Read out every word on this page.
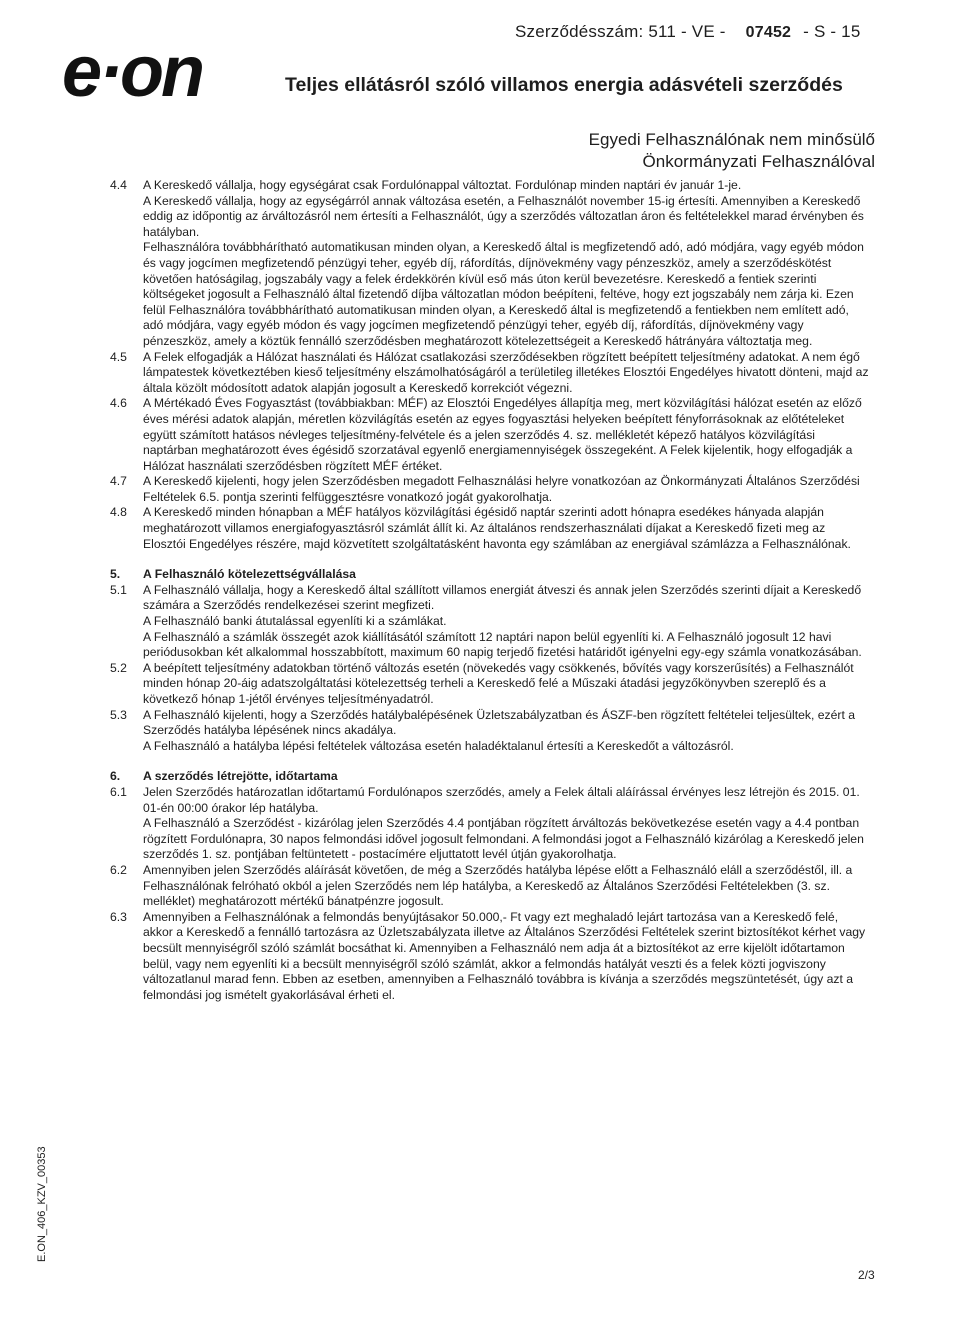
e·on
Szerződésszám: 511 - VE - 07452 - S - 15
Teljes ellátásról szóló villamos energia adásvételi szerződés
Egyedi Felhasználónak nem minősülő
Önkormányzati Felhasználóval
4.4	A Kereskedő vállalja, hogy egységárat csak Fordulónappal változtat. Fordulónap minden naptári év január 1-je.

A Kereskedő vállalja, hogy az egységárról annak változása esetén, a Felhasználót november 15-ig értesíti. Amennyiben a Kereskedő eddig az időpontig az árváltozásról nem értesíti a Felhasználót, úgy a szerződés változatlan áron és feltételekkel marad érvényben és hatályban.

Felhasználóra továbbhárítható automatikusan minden olyan, a Kereskedő által is megfizetendő adó, adó módjára, vagy egyéb módon és vagy jogcímen megfizetendő pénzügyi teher, egyéb díj, ráfordítás, díjnövekmény vagy pénzeszköz, amely a szerződéskötést követően hatóságilag, jogszabály vagy a felek érdekkörén kívül eső más úton kerül bevezetésre. Kereskedő a fentiek szerinti költségeket jogosult a Felhasználó által fizetendő díjba változatlan módon beépíteni, feltéve, hogy ezt jogszabály nem zárja ki. Ezen felül Felhasználóra továbbhárítható automatikusan minden olyan, a Kereskedő által is megfizetendő a fentiekben nem említett adó, adó módjára, vagy egyéb módon és vagy jogcímen megfizetendő pénzügyi teher, egyéb díj, ráfordítás, díjnövekmény vagy pénzeszköz, amely a köztük fennálló szerződésben meghatározott kötelezettségeit a Kereskedő hátrányára változtatja meg.

4.5	A Felek elfogadják a Hálózat használati és Hálózat csatlakozási szerződésekben rögzített beépített teljesítmény adatokat. A nem égő lámpatestek következtében kieső teljesítmény elszámolhatóságáról a területileg illetékes Elosztói Engedélyes hivatott dönteni, majd az általa közölt módosított adatok alapján jogosult a Kereskedő korrekciót végezni.

4.6	A Mértékadó Éves Fogyasztást (továbbiakban: MÉF) az Elosztói Engedélyes állapítja meg, mert közvilágítási hálózat esetén az előző éves mérési adatok alapján, méretlen közvilágítás esetén az egyes fogyasztási helyeken beépített fényforrásoknak az előtételeket együtt számított hatásos névleges teljesítmény-felvétele és a jelen szerződés 4. sz. mellékletét képező hatályos közvilágítási naptárban meghatározott éves égésidő szorzatával egyenlő energiamennyiségek összegeként. A Felek kijelentik, hogy elfogadják a Hálózat használati szerződésben rögzített MÉF értéket.

4.7	A Kereskedő kijelenti, hogy jelen Szerződésben megadott Felhasználási helyre vonatkozóan az Önkormányzati Általános Szerződési Feltételek 6.5. pontja szerinti felfüggesztésre vonatkozó jogát gyakorolhatja.

4.8	A Kereskedő minden hónapban a MÉF hatályos közvilágítási égésidő naptár szerinti adott hónapra esedékes hányada alapján meghatározott villamos energiafogyasztásról számlát állít ki. Az általános rendszerhasználati díjakat a Kereskedő fizeti meg az Elosztói Engedélyes részére, majd közvetített szolgáltatásként havonta egy számlában az energiával számlázza a Felhasználónak.

5.	A Felhasználó kötelezettségvállalása

5.1	A Felhasználó vállalja, hogy a Kereskedő által szállított villamos energiát átveszi és annak jelen Szerződés szerinti díjait a Kereskedő számára a Szerződés rendelkezései szerint megfizeti.

A Felhasználó banki átutalással egyenlíti ki a számlákat.

A Felhasználó a számlák összegét azok kiállításától számított 12 naptári napon belül egyenlíti ki. A Felhasználó jogosult 12 havi periódusokban két alkalommal hosszabbított, maximum 60 napig terjedő fizetési határidőt igényelni egy-egy számla vonatkozásában.

5.2	A beépített teljesítmény adatokban történő változás esetén (növekedés vagy csökkenés, bővítés vagy korszerűsítés) a Felhasználót minden hónap 20-áig adatszolgáltatási kötelezettség terheli a Kereskedő felé a Műszaki átadási jegyzőkönyvben szereplő és a következő hónap 1-jétől érvényes teljesítményadatról.

5.3	A Felhasználó kijelenti, hogy a Szerződés hatálybalépésének Üzletszabályzatban és ÁSZF-ben rögzített feltételei teljesültek, ezért a Szerződés hatályba lépésének nincs akadálya.

A Felhasználó a hatályba lépési feltételek változása esetén haladéktalanul értesíti a Kereskedőt a változásról.

6.	A szerződés létrejötte, időtartama

6.1	Jelen Szerződés határozatlan időtartamú Fordulónapos szerződés, amely a Felek általi aláírással érvényes lesz létrejön és 2015. 01. 01-én 00:00 órakor lép hatályba.

A Felhasználó a Szerződést - kizárólag jelen Szerződés 4.4 pontjában rögzített árváltozás bekövetkezése esetén vagy a 4.4 pontban rögzített Fordulónapra, 30 napos felmondási idővel jogosult felmondani. A felmondási jogot a Felhasználó kizárólag a Kereskedő jelen szerződés 1. sz. pontjában feltüntetett - postacímére eljuttatott levél útján gyakorolhatja.

6.2	Amennyiben jelen Szerződés aláírását követően, de még a Szerződés hatályba lépése előtt a Felhasználó eláll a szerződéstől, ill. a Felhasználónak felróható okból a jelen Szerződés nem lép hatályba, a Kereskedő az Általános Szerződési Feltételekben (3. sz. melléklet) meghatározott mértékű bánatpénzre jogosult.

6.3	Amennyiben a Felhasználónak a felmondás benyújtásakor 50.000,- Ft vagy ezt meghaladó lejárt tartozása van a Kereskedő felé, akkor a Kereskedő a fennálló tartozásra az Üzletszabályzata illetve az Általános Szerződési Feltételek szerint biztosítékot kérhet vagy becsült mennyiségről szóló számlát bocsáthat ki. Amennyiben a Felhasználó nem adja át a biztosítékot az erre kijelölt időtartamon belül, vagy nem egyenlíti ki a becsült mennyiségről szóló számlát, akkor a felmondás hatályát veszti és a felek közti jogviszony változatlanul marad fenn. Ebben az esetben, amennyiben a Felhasználó továbbra is kívánja a szerződés megszüntetését, úgy azt a felmondási jog ismételt gyakorlásával érheti el.

E.ON_406_KZV_00353
2/3
